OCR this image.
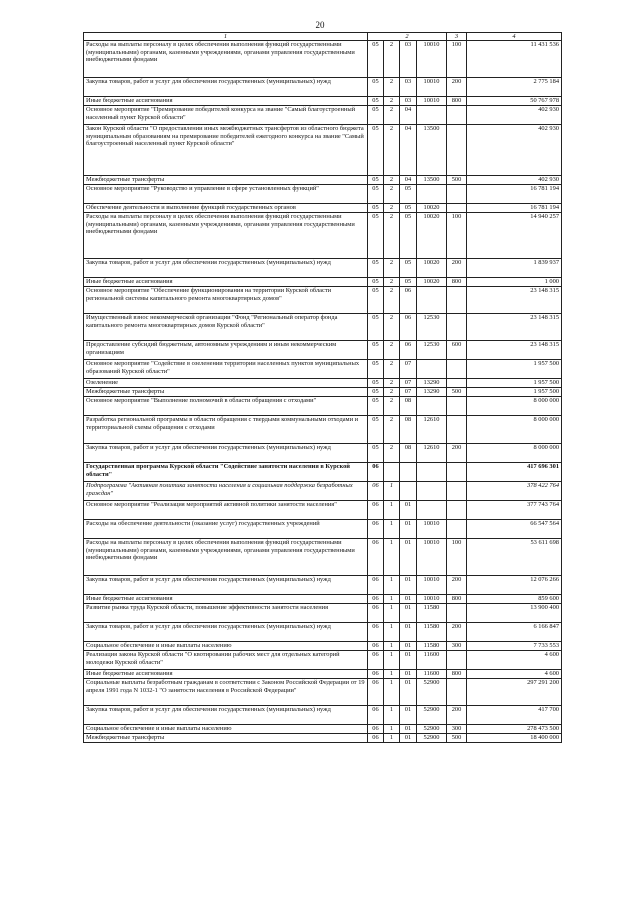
20
1	2				3	4
Расходы на выплаты персоналу в целях обеспечения выполнения функций государственными (муниципальными) органами, казенными учреждениями, органами управления государственными внебюджетными фондами	05	2	03	10010	100	11 431 536
Закупка товаров, работ и услуг для обеспечения государственных (муниципальных) нужд	05	2	03	10010	200	2 775 184
Иные бюджетные ассигнования	05	2	03	10010	800	50 767 978
Основное мероприятие "Премирование победителей конкурса на звание "Самый благоустроенный населенный пункт Курской области"	05	2	04			402 930
Закон Курской области "О предоставлении иных межбюджетных трансфертов из областного бюджета муниципальным образованиям на премирование победителей ежегодного конкурса на звание "Самый благоустроенный населенный пункт Курской области"	05	2	04	13500		402 930
Межбюджетные трансферты	05	2	04	13500	500	402 930
Основное мероприятие "Руководство и управление в сфере установленных функций"	05	2	05			16 781 194
Обеспечение деятельности и выполнение функций государственных органов	05	2	05	10020		16 781 194
Расходы на выплаты персоналу в целях обеспечения выполнения функций государственными (муниципальными) органами, казенными учреждениями, органами управления государственными внебюджетными фондами	05	2	05	10020	100	14 940 257
Закупка товаров, работ и услуг для обеспечения государственных (муниципальных) нужд	05	2	05	10020	200	1 839 937
Иные бюджетные ассигнования	05	2	05	10020	800	1 000
Основное мероприятие "Обеспечение функционирования на территории Курской области региональной системы капитального ремонта многоквартирных домов"	05	2	06			23 148 315
Имущественный взнос некоммерческой организации "Фонд "Региональный оператор фонда капитального ремонта многоквартирных домов Курской области"	05	2	06	12530		23 148 315
Предоставление субсидий бюджетным, автономным учреждениям и иным некоммерческим организациям	05	2	06	12530	600	23 148 315
Основное мероприятие "Содействие в озеленении территории населенных пунктов муниципальных образований Курской области"	05	2	07			1 957 500
Озеленение	05	2	07	13290		1 957 500
Межбюджетные трансферты	05	2	07	13290	500	1 957 500
Основное мероприятие "Выполнение полномочий в области обращения с отходами"	05	2	08			8 000 000
Разработка региональной программы в области обращения с твердыми коммунальными отходами и территориальной схемы обращения с отходами	05	2	08	12610		8 000 000
Закупка товаров, работ и услуг для обеспечения государственных (муниципальных) нужд	05	2	08	12610	200	8 000 000
Государственная программа Курской области "Содействие занятости населения в Курской области"	06					417 696 301
Подпрограмма "Активная политика занятости населения и социальная поддержка безработных граждан"	06	1				378 422 764
Основное мероприятие "Реализация мероприятий активной политики занятости населения"	06	1	01			377 743 764
Расходы на обеспечение деятельности (оказание услуг) государственных учреждений	06	1	01	10010		66 547 564
Расходы на выплаты персоналу в целях обеспечения выполнения функций государственными (муниципальными) органами, казенными учреждениями, органами управления государственными внебюджетными фондами	06	1	01	10010	100	53 611 698
Закупка товаров, работ и услуг для обеспечения государственных (муниципальных) нужд	06	1	01	10010	200	12 076 266
Иные бюджетные ассигнования	06	1	01	10010	800	859 600
Развитие рынка труда Курской области, повышение эффективности занятости населения	06	1	01	11580		13 900 400
Закупка товаров, работ и услуг для обеспечения государственных (муниципальных) нужд	06	1	01	11580	200	6 166 847
Социальное обеспечение и иные выплаты населению	06	1	01	11580	300	7 733 553
Реализация закона Курской области "О квотировании рабочих мест для отдельных категорий молодежи Курской области"	06	1	01	11600		4 600
Иные бюджетные ассигнования	06	1	01	11600	800	4 600
Социальные выплаты безработным гражданам в соответствии с Законом Российской Федерации от 19 апреля 1991 года N 1032-1 "О занятости населения в Российской Федерации"	06	1	01	52900		297 291 200
Закупка товаров, работ и услуг для обеспечения государственных (муниципальных) нужд	06	1	01	52900	200	417 700
Социальное обеспечение и иные выплаты населению	06	1	01	52900	300	278 473 500
Межбюджетные трансферты	06	1	01	52900	500	18 400 000
